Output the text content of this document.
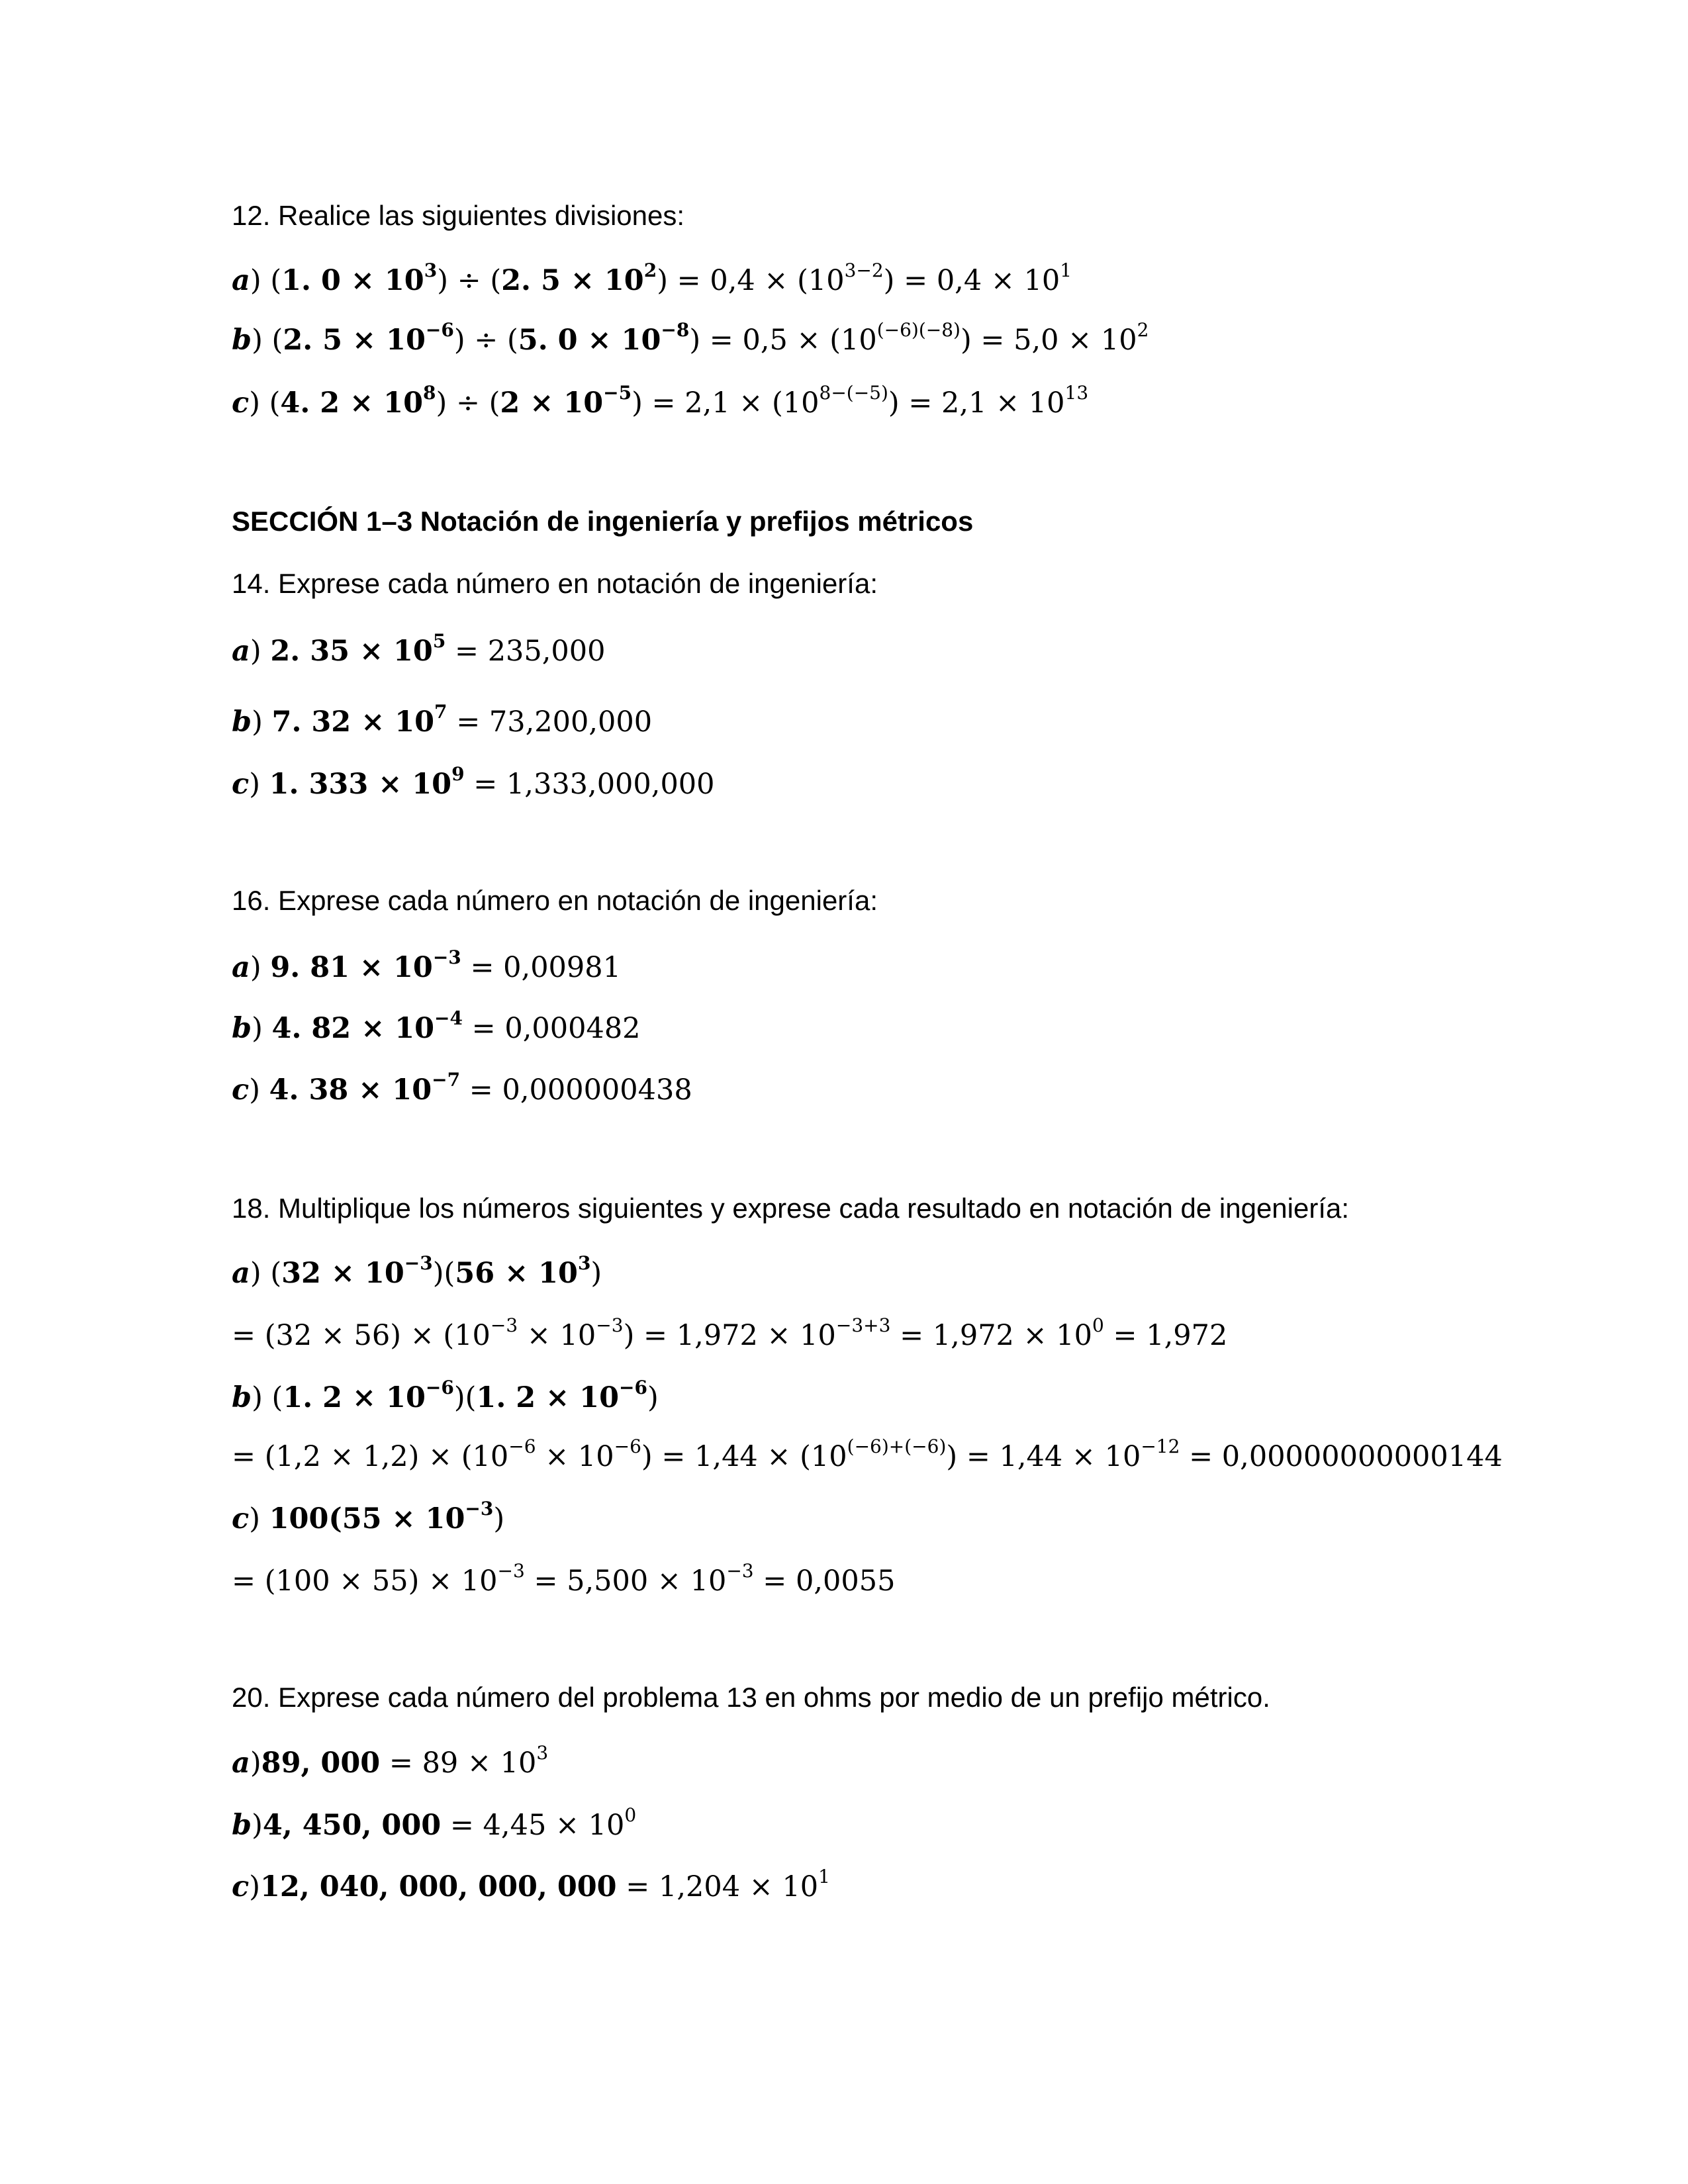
12. Realice las siguientes divisiones:
a) (1. $0 \times 10^3) \div (2$. $5 \times 10^2) = 0,4 \times (10^{3-2}) = 0,4 \times 10^1$
b) (2. $5 \times 10^{-6}) \div (5$. $0 \times 10^{-8}) = 0,5 \times (10^{(-6)(-8)}) = 5,0 \times 10^2$
c) (4. $2 \times 10^8) \div (2 \times 10^{-5}) = 2,1 \times (10^{8-(-5)}) = 2,1 \times 10^{13}$
SECCIÓN 1–3 Notación de ingeniería y prefijos métricos
14. Exprese cada número en notación de ingeniería:
a) 2. $35 \times 10^5 = 235,000$
b) 7. $32 \times 10^7 = 73,200,000$
c) 1. $333 \times 10^9 = 1,333,000,000$
16. Exprese cada número en notación de ingeniería:
a) 9. $81 \times 10^{-3} = 0,00981$
b) 4. $82 \times 10^{-4} = 0,000482$
c) 4. $38 \times 10^{-7} = 0,000000438$
18. Multiplique los números siguientes y exprese cada resultado en notación de ingeniería:
a) $(32 \times 10^{-3})(56 \times 10^3)$
= $(32 \times 56) \times (10^{-3} \times 10^{-3}) = 1,972 \times 10^{-3+3} = 1,972 \times 10^0 = 1,972$
b) (1. $2 \times 10^{-6})(1$. $2 \times 10^{-6}$)
= $(1,2 \times 1,2) \times (10^{-6} \times 10^{-6}) = 1,44 \times (10^{(-6)+(-6)}) = 1,44 \times 10^{-12} = 0,00000000000144$
c) $100(55 \times 10^{-3})$
= $(100 \times 55) \times 10^{-3} = 5,500 \times 10^{-3} = 0,0055$
20. Exprese cada número del problema 13 en ohms por medio de un prefijo métrico.
a)89, $000 = 89 \times 10^3$
b)4, 450, $000 = 4,45 \times 10^0$
c)12, 040, 000, 000, $000 = 1,204 \times 10^1$
